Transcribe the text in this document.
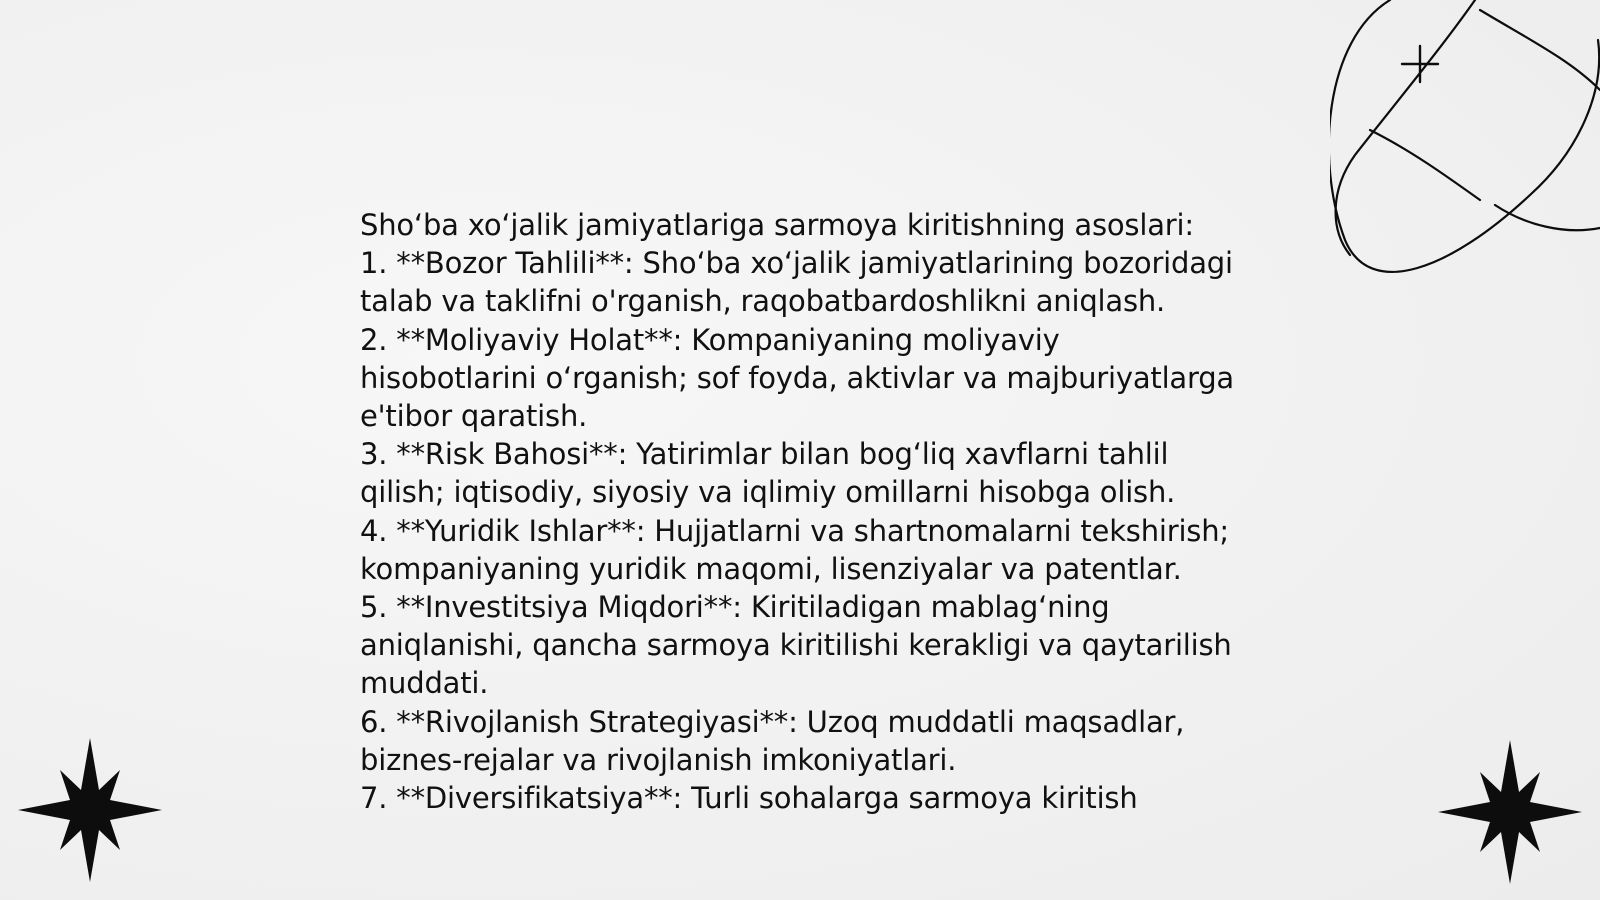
Sho‘ba xo‘jalik jamiyatlariga sarmoya kiritishning asoslari:

1. **Bozor Tahlili**: Sho‘ba xo‘jalik jamiyatlarining bozoridagi talab va taklifni o'rganish, raqobatbardoshlikni aniqlash.

2. **Moliyaviy Holat**: Kompaniyaning moliyaviy hisobotlarini o‘rganish; sof foyda, aktivlar va majburiyatlarga e'tibor qaratish.

3. **Risk Bahosi**: Yatirimlar bilan bog‘liq xavflarni tahlil qilish; iqtisodiy, siyosiy va iqlimiy omillarni hisobga olish.

4. **Yuridik Ishlar**: Hujjatlarni va shartnomalarni tekshirish; kompaniyaning yuridik maqomi, lisenziyalar va patentlar.

5. **Investitsiya Miqdori**: Kiritiladigan mablag‘ning aniqlanishi, qancha sarmoya kiritilishi kerakligi va qaytarilish muddati.

6. **Rivojlanish Strategiyasi**: Uzoq muddatli maqsadlar, biznes-rejalar va rivojlanish imkoniyatlari.

7. **Diversifikatsiya**: Turli sohalarga sarmoya kiritish
